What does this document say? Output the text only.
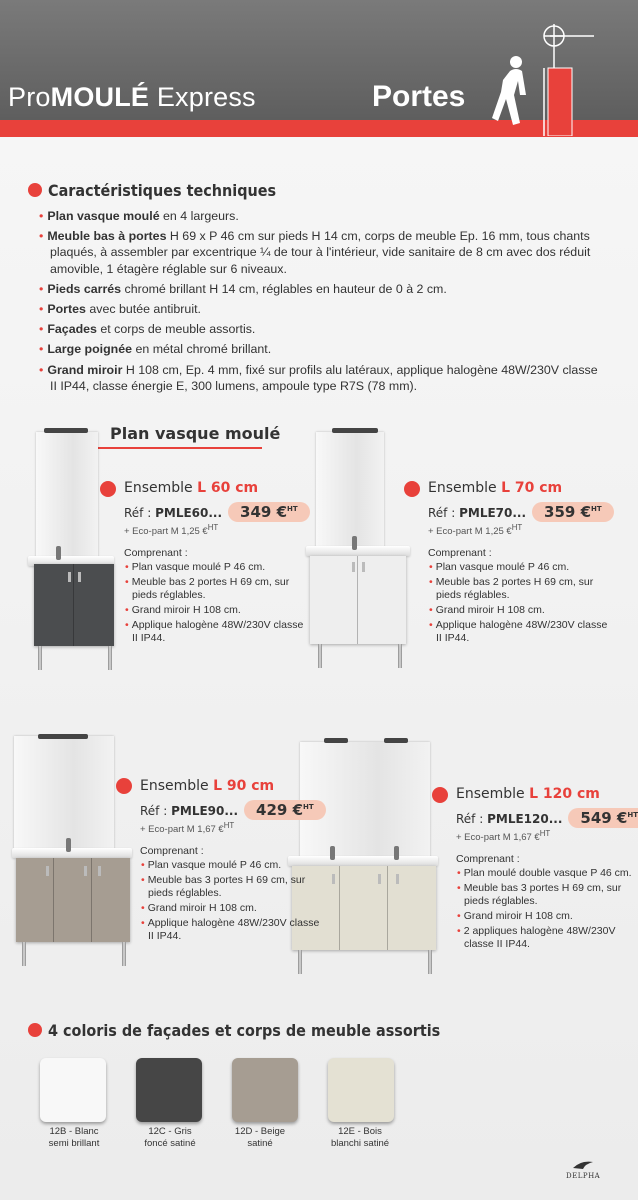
ProMOULÉ Express	Portes
Caractéristiques techniques
• Plan vasque moulé en 4 largeurs.
• Meuble bas à portes H 69 x P 46 cm sur pieds H 14 cm, corps de meuble Ep. 16 mm, tous chants plaqués, à assembler par excentrique ¼ de tour à l'intérieur, vide sanitaire de 8 cm avec dos réduit amovible, 1 étagère réglable sur 6 niveaux.
• Pieds carrés chromé brillant H 14 cm, réglables en hauteur de 0 à 2 cm.
• Portes avec butée antibruit.
• Façades et corps de meuble assortis.
• Large poignée en métal chromé brillant.
• Grand miroir H 108 cm, Ep. 4 mm, fixé sur profils alu latéraux, applique halogène 48W/230V classe II IP44, classe énergie E, 300 lumens, ampoule type R7S (78 mm).
Plan vasque moulé
Ensemble L 60 cm
Réf : PMLE60... 349 €$^{HT}$
+ Eco-part M 1,25 €$^{HT}$
Comprenant :
• Plan vasque moulé P 46 cm.
• Meuble bas 2 portes H 69 cm, sur pieds réglables.
• Grand miroir H 108 cm.
• Applique halogène 48W/230V classe II IP44.
Ensemble L 70 cm
Réf : PMLE70... 359 €$^{HT}$
+ Eco-part M 1,25 €$^{HT}$
Comprenant :
• Plan vasque moulé P 46 cm.
• Meuble bas 2 portes H 69 cm, sur pieds réglables.
• Grand miroir H 108 cm.
• Applique halogène 48W/230V classe II IP44.
Ensemble L 90 cm
Réf : PMLE90... 429 €$^{HT}$
+ Eco-part M 1,67 €$^{HT}$
Comprenant :
• Plan vasque moulé P 46 cm.
• Meuble bas 3 portes H 69 cm, sur pieds réglables.
• Grand miroir H 108 cm.
• Applique halogène 48W/230V classe II IP44.
Ensemble L 120 cm
Réf : PMLE120... 549 €$^{HT}$
+ Eco-part M 1,67 €$^{HT}$
Comprenant :
• Plan moulé double vasque P 46 cm.
• Meuble bas 3 portes H 69 cm, sur pieds réglables.
• Grand miroir H 108 cm.
• 2 appliques halogène 48W/230V classe II IP44.
4 coloris de façades et corps de meuble assortis
12B - Blanc
semi brillant
12C - Gris
foncé satiné
12D - Beige
satiné
12E - Bois
blanchi satiné
DELPHA
